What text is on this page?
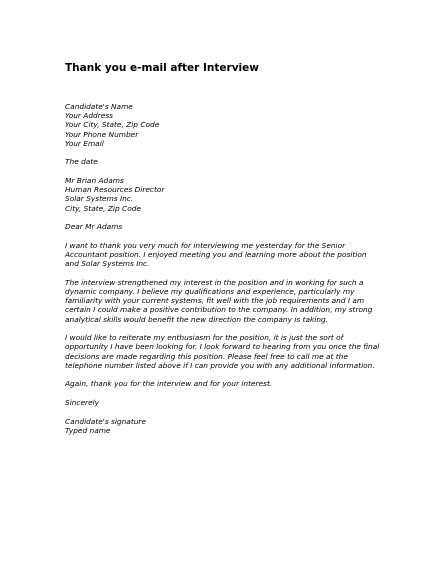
Thank you e-mail after Interview
Candidate's Name
Your Address
Your City, State, Zip Code
Your Phone Number
Your Email
The date
Mr Brian Adams
Human Resources Director
Solar Systems Inc.
City, State, Zip Code
Dear Mr Adams
I want to thank you very much for interviewing me yesterday for the Senior
Accountant position. I enjoyed meeting you and learning more about the position
and Solar Systems Inc.
The interview strengthened my interest in the position and in working for such a
dynamic company. I believe my qualifications and experience, particularly my
familiarity with your current systems, fit well with the job requirements and I am
certain I could make a positive contribution to the company. In addition, my strong
analytical skills would benefit the new direction the company is taking.
I would like to reiterate my enthusiasm for the position, it is just the sort of
opportunity I have been looking for. I look forward to hearing from you once the final
decisions are made regarding this position. Please feel free to call me at the
telephone number listed above if I can provide you with any additional information.
Again, thank you for the interview and for your interest.
Sincerely
Candidate's signature
Typed name
